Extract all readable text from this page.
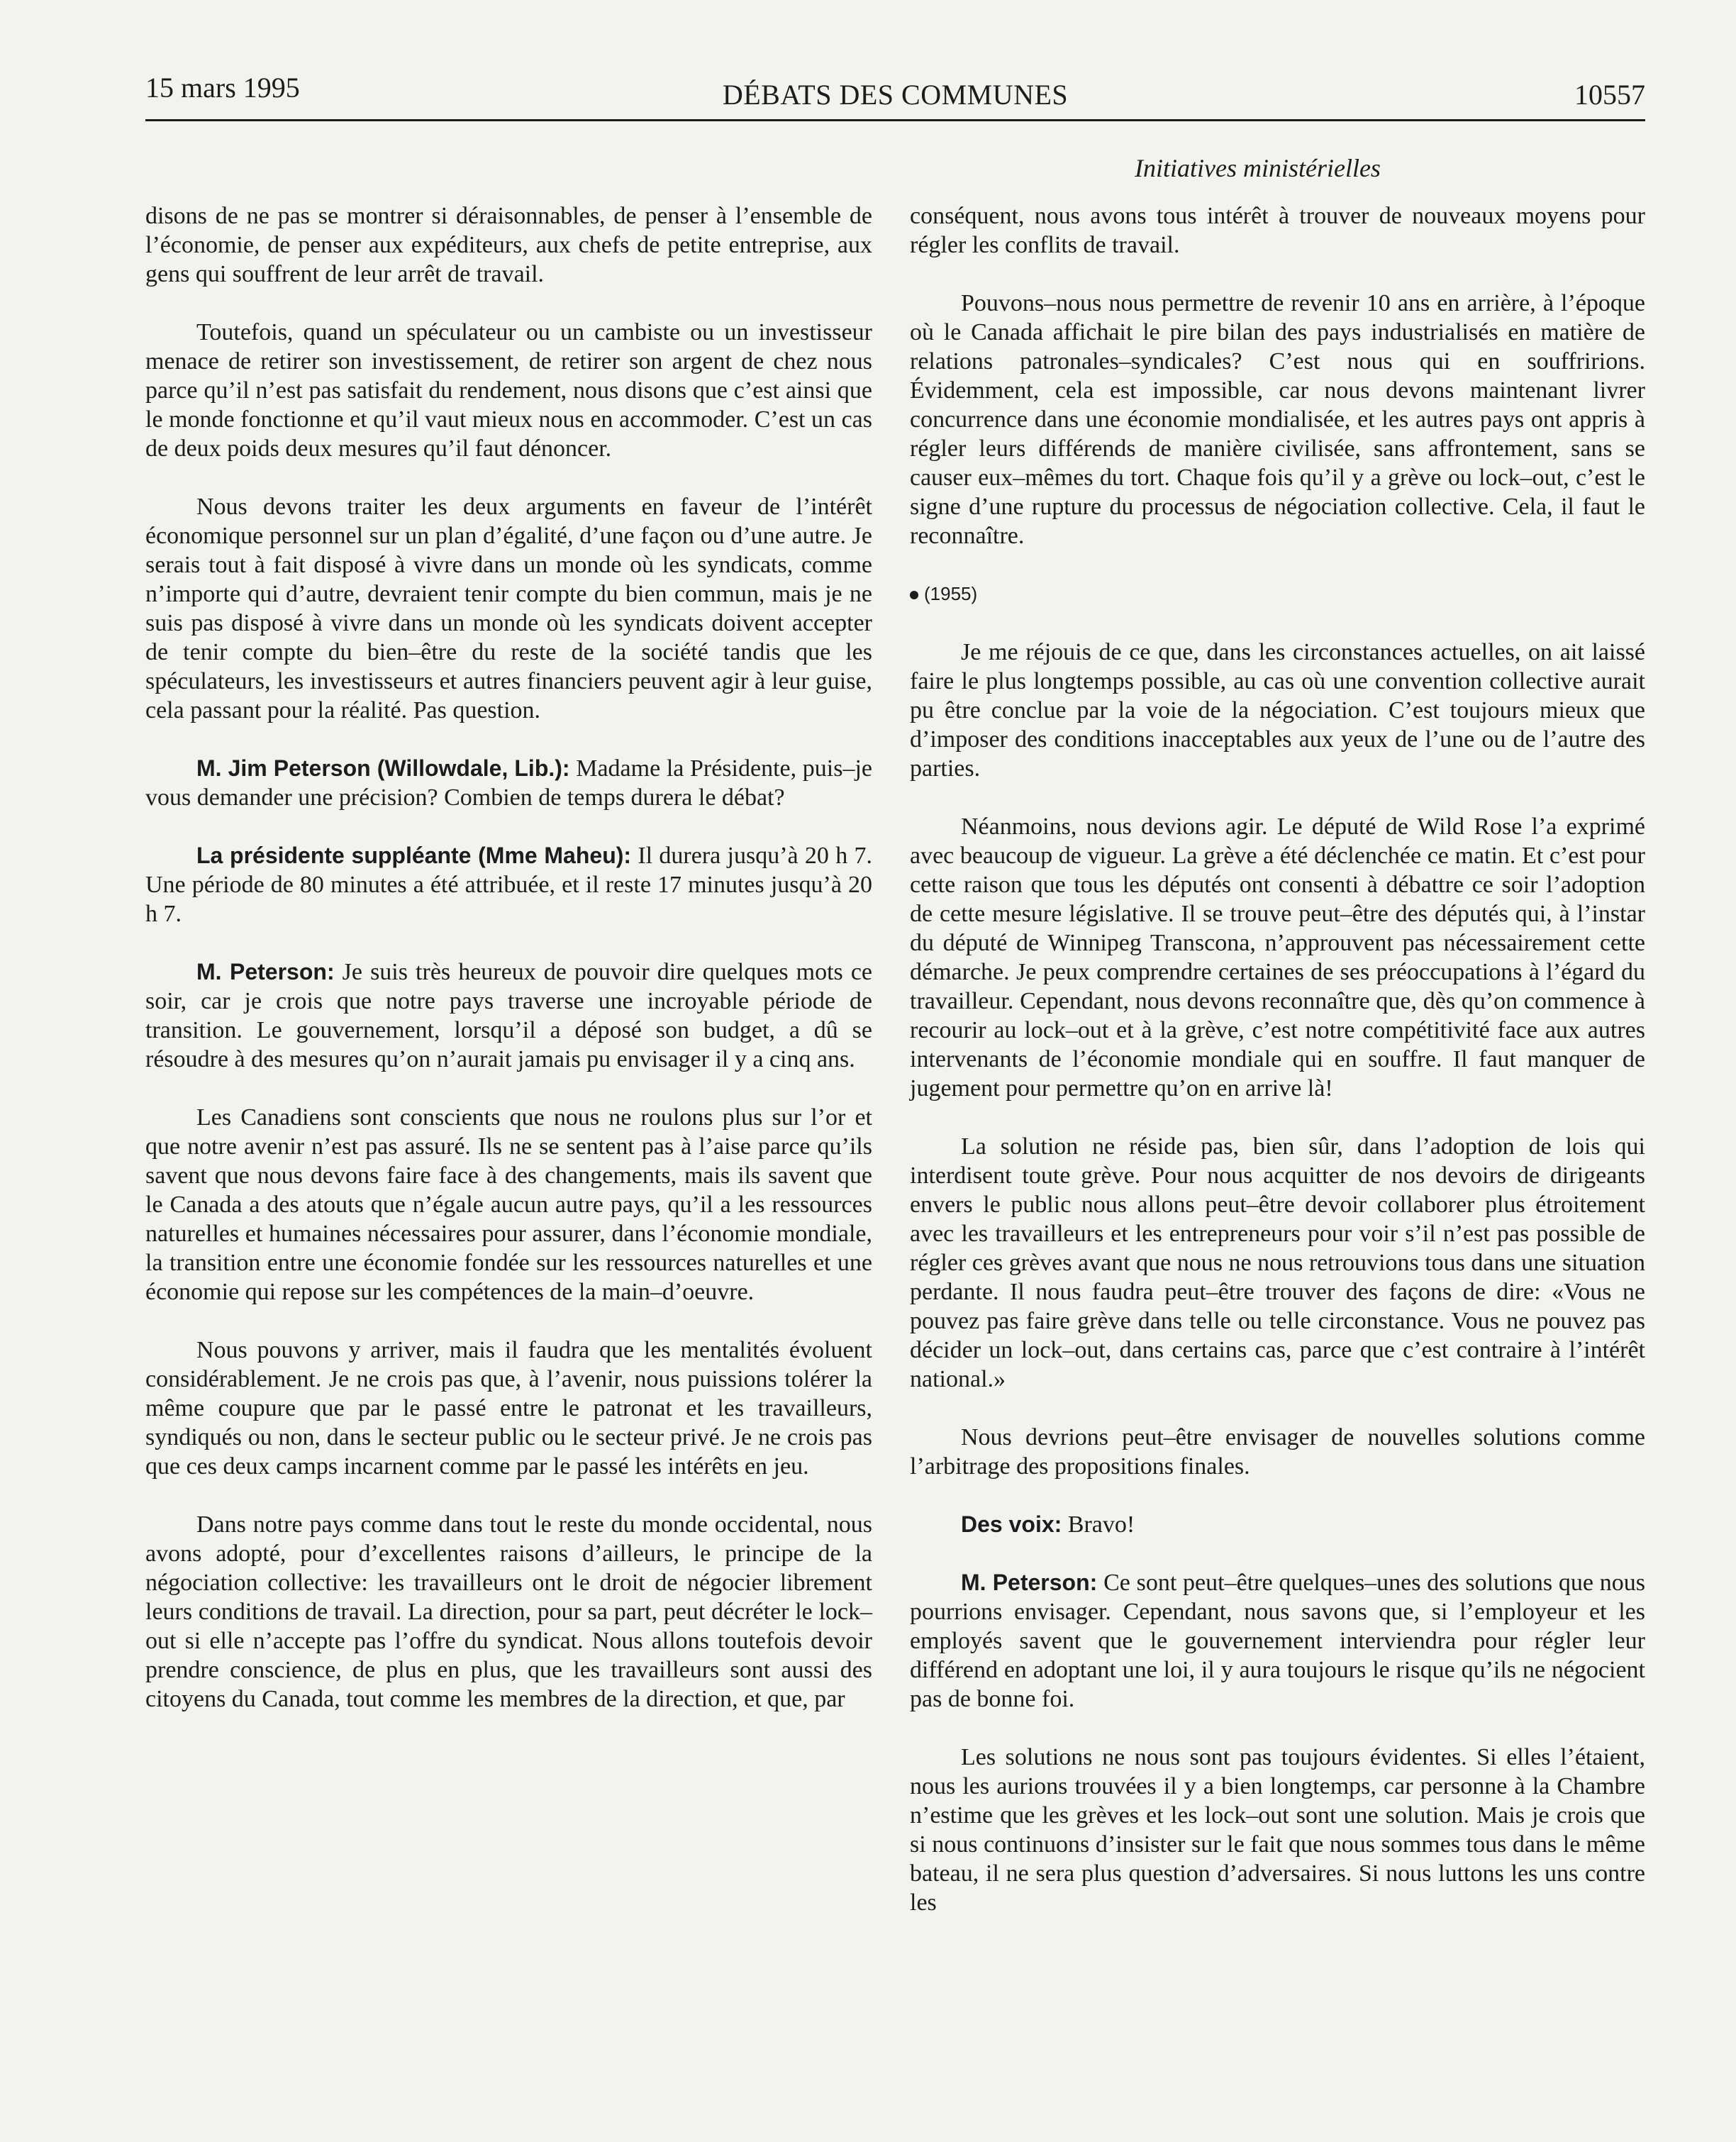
15 mars 1995	DÉBATS DES COMMUNES	10557
Initiatives ministérielles

disons de ne pas se montrer si déraisonnables, de penser à l’ensemble de l’économie, de penser aux expéditeurs, aux chefs de petite entreprise, aux gens qui souffrent de leur arrêt de travail.

Toutefois, quand un spéculateur ou un cambiste ou un investisseur menace de retirer son investissement, de retirer son argent de chez nous parce qu’il n’est pas satisfait du rendement, nous disons que c’est ainsi que le monde fonctionne et qu’il vaut mieux nous en accommoder. C’est un cas de deux poids deux mesures qu’il faut dénoncer.

Nous devons traiter les deux arguments en faveur de l’intérêt économique personnel sur un plan d’égalité, d’une façon ou d’une autre. Je serais tout à fait disposé à vivre dans un monde où les syndicats, comme n’importe qui d’autre, devraient tenir compte du bien commun, mais je ne suis pas disposé à vivre dans un monde où les syndicats doivent accepter de tenir compte du bien–être du reste de la société tandis que les spéculateurs, les investisseurs et autres financiers peuvent agir à leur guise, cela passant pour la réalité. Pas question.

M. Jim Peterson (Willowdale, Lib.): Madame la Présidente, puis–je vous demander une précision? Combien de temps durera le débat?

La présidente suppléante (Mme Maheu): Il durera jusqu’à 20 h 7. Une période de 80 minutes a été attribuée, et il reste 17 minutes jusqu’à 20 h 7.

M. Peterson: Je suis très heureux de pouvoir dire quelques mots ce soir, car je crois que notre pays traverse une incroyable période de transition. Le gouvernement, lorsqu’il a déposé son budget, a dû se résoudre à des mesures qu’on n’aurait jamais pu envisager il y a cinq ans.

Les Canadiens sont conscients que nous ne roulons plus sur l’or et que notre avenir n’est pas assuré. Ils ne se sentent pas à l’aise parce qu’ils savent que nous devons faire face à des changements, mais ils savent que le Canada a des atouts que n’égale aucun autre pays, qu’il a les ressources naturelles et humaines nécessaires pour assurer, dans l’économie mondiale, la transition entre une économie fondée sur les ressources naturelles et une économie qui repose sur les compétences de la main–d’oeuvre.

Nous pouvons y arriver, mais il faudra que les mentalités évoluent considérablement. Je ne crois pas que, à l’avenir, nous puissions tolérer la même coupure que par le passé entre le patronat et les travailleurs, syndiqués ou non, dans le secteur public ou le secteur privé. Je ne crois pas que ces deux camps incarnent comme par le passé les intérêts en jeu.

Dans notre pays comme dans tout le reste du monde occidental, nous avons adopté, pour d’excellentes raisons d’ailleurs, le principe de la négociation collective: les travailleurs ont le droit de négocier librement leurs conditions de travail. La direction, pour sa part, peut décréter le lock–out si elle n’accepte pas l’offre du syndicat. Nous allons toutefois devoir prendre conscience, de plus en plus, que les travailleurs sont aussi des citoyens du Canada, tout comme les membres de la direction, et que, par

conséquent, nous avons tous intérêt à trouver de nouveaux moyens pour régler les conflits de travail.

Pouvons–nous nous permettre de revenir 10 ans en arrière, à l’époque où le Canada affichait le pire bilan des pays industrialisés en matière de relations patronales–syndicales? C’est nous qui en souffririons. Évidemment, cela est impossible, car nous devons maintenant livrer concurrence dans une économie mondialisée, et les autres pays ont appris à régler leurs différends de manière civilisée, sans affrontement, sans se causer eux–mêmes du tort. Chaque fois qu’il y a grève ou lock–out, c’est le signe d’une rupture du processus de négociation collective. Cela, il faut le reconnaître.

(1955)

Je me réjouis de ce que, dans les circonstances actuelles, on ait laissé faire le plus longtemps possible, au cas où une convention collective aurait pu être conclue par la voie de la négociation. C’est toujours mieux que d’imposer des conditions inacceptables aux yeux de l’une ou de l’autre des parties.

Néanmoins, nous devions agir. Le député de Wild Rose l’a exprimé avec beaucoup de vigueur. La grève a été déclenchée ce matin. Et c’est pour cette raison que tous les députés ont consenti à débattre ce soir l’adoption de cette mesure législative. Il se trouve peut–être des députés qui, à l’instar du député de Winnipeg Transcona, n’approuvent pas nécessairement cette démarche. Je peux comprendre certaines de ses préoccupations à l’égard du travailleur. Cependant, nous devons reconnaître que, dès qu’on commence à recourir au lock–out et à la grève, c’est notre compétitivité face aux autres intervenants de l’économie mondiale qui en souffre. Il faut manquer de jugement pour permettre qu’on en arrive là!

La solution ne réside pas, bien sûr, dans l’adoption de lois qui interdisent toute grève. Pour nous acquitter de nos devoirs de dirigeants envers le public nous allons peut–être devoir collaborer plus étroitement avec les travailleurs et les entrepreneurs pour voir s’il n’est pas possible de régler ces grèves avant que nous ne nous retrouvions tous dans une situation perdante. Il nous faudra peut–être trouver des façons de dire: «Vous ne pouvez pas faire grève dans telle ou telle circonstance. Vous ne pouvez pas décider un lock–out, dans certains cas, parce que c’est contraire à l’intérêt national.»

Nous devrions peut–être envisager de nouvelles solutions comme l’arbitrage des propositions finales.

Des voix: Bravo!

M. Peterson: Ce sont peut–être quelques–unes des solutions que nous pourrions envisager. Cependant, nous savons que, si l’employeur et les employés savent que le gouvernement interviendra pour régler leur différend en adoptant une loi, il y aura toujours le risque qu’ils ne négocient pas de bonne foi.

Les solutions ne nous sont pas toujours évidentes. Si elles l’étaient, nous les aurions trouvées il y a bien longtemps, car personne à la Chambre n’estime que les grèves et les lock–out sont une solution. Mais je crois que si nous continuons d’insister sur le fait que nous sommes tous dans le même bateau, il ne sera plus question d’adversaires. Si nous luttons les uns contre les
